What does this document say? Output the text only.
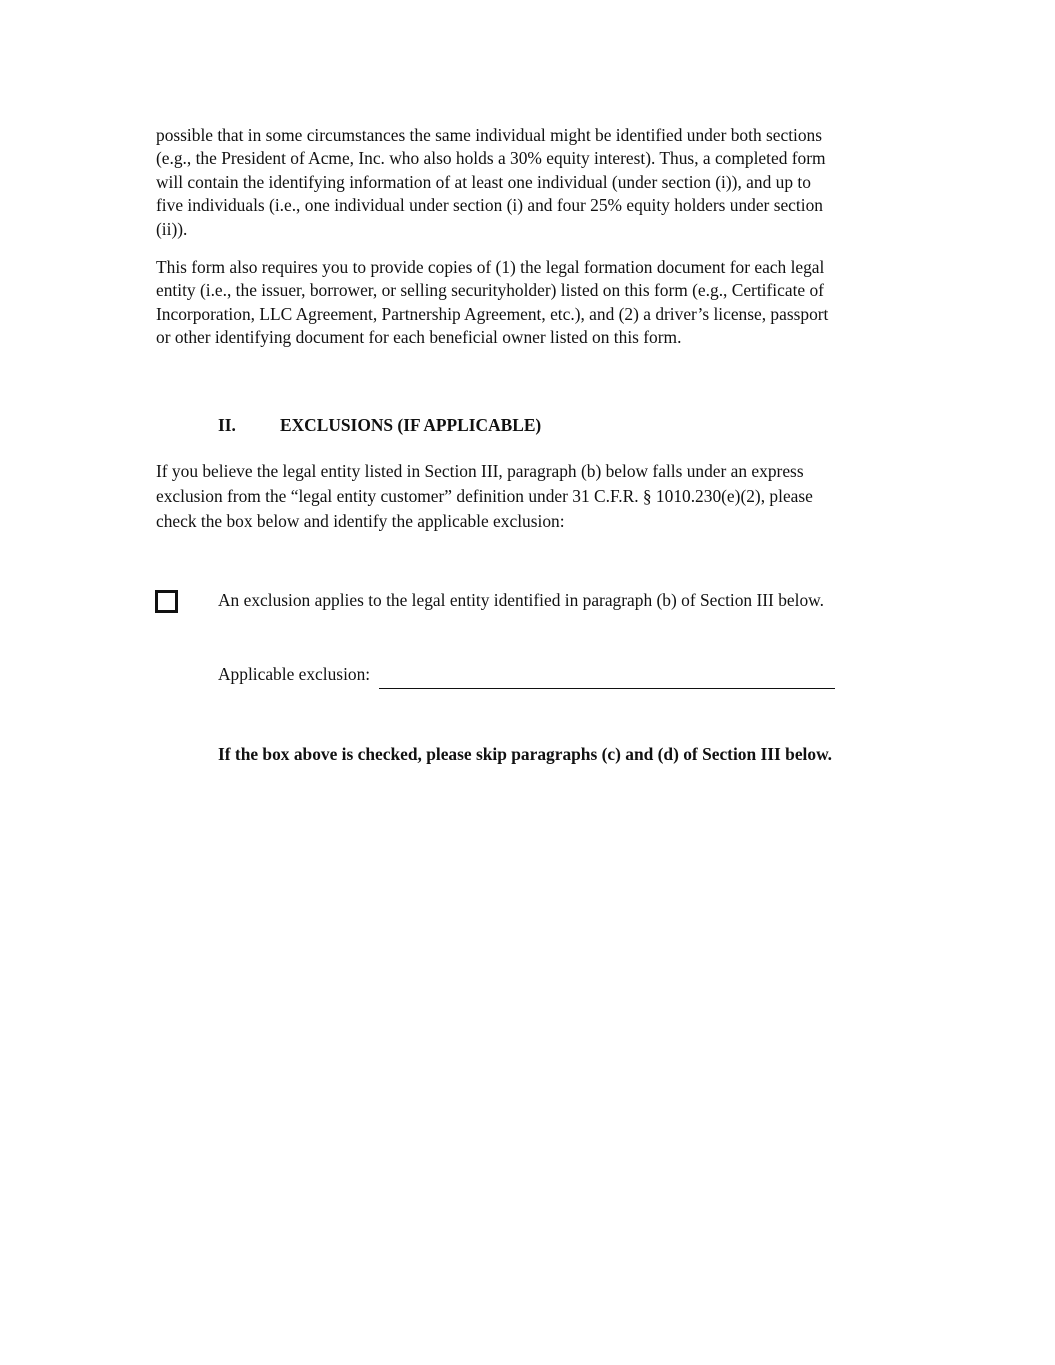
possible that in some circumstances the same individual might be identified under both sections
(e.g., the President of Acme, Inc. who also holds a 30% equity interest). Thus, a completed form
will contain the identifying information of at least one individual (under section (i)), and up to
five individuals (i.e., one individual under section (i) and four 25% equity holders under section
(ii)).
This form also requires you to provide copies of (1) the legal formation document for each legal
entity (i.e., the issuer, borrower, or selling securityholder) listed on this form (e.g., Certificate of
Incorporation, LLC Agreement, Partnership Agreement, etc.), and (2) a driver’s license, passport
or other identifying document for each beneficial owner listed on this form.
II.	EXCLUSIONS (IF APPLICABLE)
If you believe the legal entity listed in Section III, paragraph (b) below falls under an express
exclusion from the “legal entity customer” definition under 31 C.F.R. § 1010.230(e)(2), please
check the box below and identify the applicable exclusion:
An exclusion applies to the legal entity identified in paragraph (b) of Section III below.
Applicable exclusion:
If the box above is checked, please skip paragraphs (c) and (d) of Section III below.
